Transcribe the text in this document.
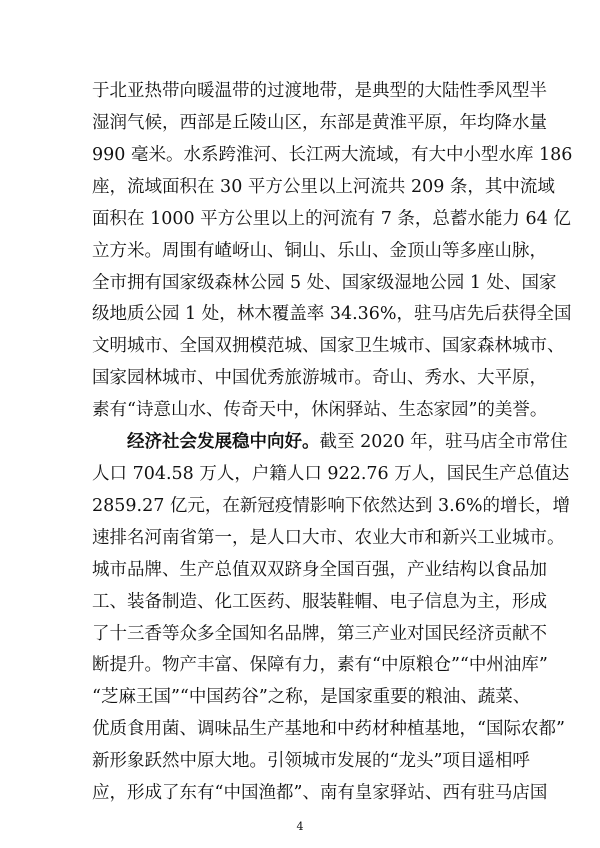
于北亚热带向暖温带的过渡地带，是典型的大陆性季风型半
湿润气候，西部是丘陵山区，东部是黄淮平原，年均降水量
990 毫米。水系跨淮河、长江两大流域，有大中小型水库 186
座，流域面积在 30 平方公里以上河流共 209 条，其中流域
面积在 1000 平方公里以上的河流有 7 条，总蓄水能力 64 亿
立方米。周围有嵖岈山、铜山、乐山、金顶山等多座山脉，
全市拥有国家级森林公园 5 处、国家级湿地公园 1 处、国家
级地质公园 1 处，林木覆盖率 34.36%，驻马店先后获得全国
文明城市、全国双拥模范城、国家卫生城市、国家森林城市、
国家园林城市、中国优秀旅游城市。奇山、秀水、大平原，
素有“诗意山水、传奇天中，休闲驿站、生态家园”的美誉。
经济社会发展稳中向好。截至 2020 年，驻马店全市常住
人口 704.58 万人，户籍人口 922.76 万人，国民生产总值达
2859.27 亿元，在新冠疫情影响下依然达到 3.6%的增长，增
速排名河南省第一，是人口大市、农业大市和新兴工业城市。
城市品牌、生产总值双双跻身全国百强，产业结构以食品加
工、装备制造、化工医药、服装鞋帽、电子信息为主，形成
了十三香等众多全国知名品牌，第三产业对国民经济贡献不
断提升。物产丰富、保障有力，素有“中原粮仓”“中州油库”
“芝麻王国”“中国药谷”之称，是国家重要的粮油、蔬菜、
优质食用菌、调味品生产基地和中药材种植基地，“国际农都”
新形象跃然中原大地。引领城市发展的“龙头”项目遥相呼
应，形成了东有“中国渔都”、南有皇家驿站、西有驻马店国
4
